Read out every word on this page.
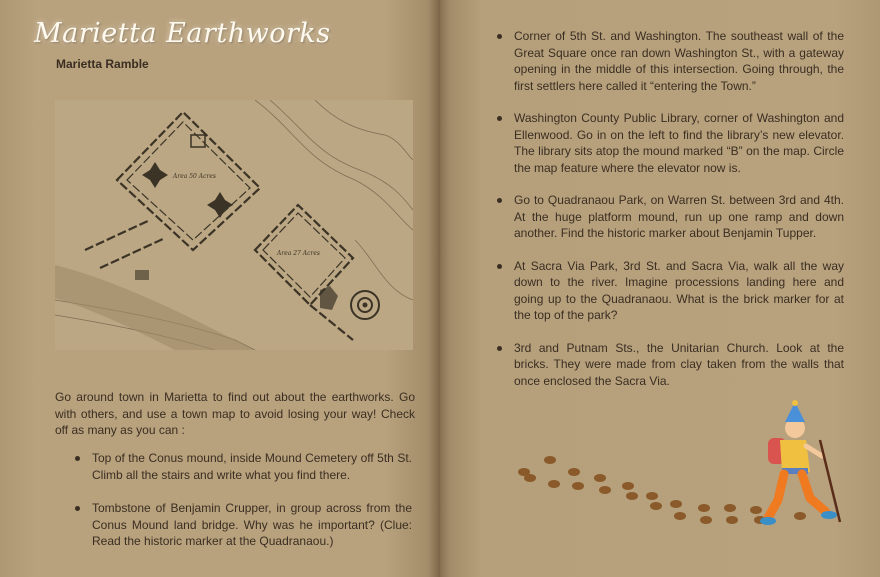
Marietta Earthworks
Marietta Ramble
Area 50 Acres
Area 27 Acres

Go around town in Marietta to find out about the earthworks. Go with others, and use a town map to avoid losing your way! Check off as many as you can :

Top of the Conus mound, inside Mound Cemetery off 5th St. Climb all the stairs and write what you find there.
Tombstone of Benjamin Crupper, in group across from the Conus Mound land bridge. Why was he important? (Clue: Read the historic marker at the Quadranaou.)
Corner of 5th St. and Washington. The southeast wall of the Great Square once ran down Washington St., with a gateway opening in the middle of this intersection. Going through, the first settlers here called it “entering the Town.”
Washington County Public Library, corner of Washington and Ellenwood. Go in on the left to find the library’s new elevator. The library sits atop the mound marked “B” on the map. Circle the map feature where the elevator now is.
Go to Quadranaou Park, on Warren St. between 3rd and 4th. At the huge platform mound, run up one ramp and down another. Find the historic marker about Benjamin Tupper.
At Sacra Via Park, 3rd St. and Sacra Via, walk all the way down to the river. Imagine processions landing here and going up to the Quadranaou. What is the brick marker for at the top of the park?
3rd and Putnam Sts., the Unitarian Church. Look at the bricks. They were made from clay taken from the walls that once enclosed the Sacra Via.
